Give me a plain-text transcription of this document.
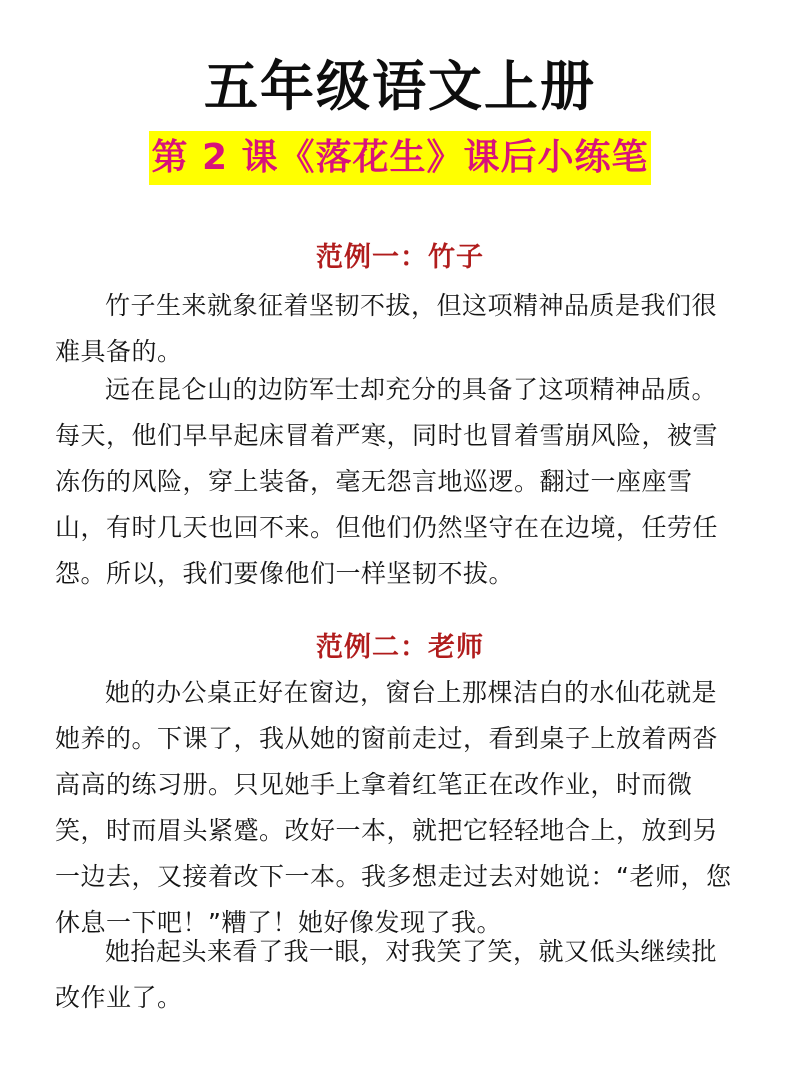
五年级语文上册
第 2 课《落花生》课后小练笔
范例一：竹子
竹子生来就象征着坚韧不拔，但这项精神品质是我们很难具备的。
远在昆仑山的边防军士却充分的具备了这项精神品质。每天，他们早早起床冒着严寒，同时也冒着雪崩风险，被雪冻伤的风险，穿上装备，毫无怨言地巡逻。翻过一座座雪山，有时几天也回不来。但他们仍然坚守在在边境，任劳任怨。所以，我们要像他们一样坚韧不拔。
范例二：老师
她的办公桌正好在窗边，窗台上那棵洁白的水仙花就是她养的。下课了，我从她的窗前走过，看到桌子上放着两沓高高的练习册。只见她手上拿着红笔正在改作业，时而微笑，时而眉头紧蹙。改好一本，就把它轻轻地合上，放到另一边去，又接着改下一本。我多想走过去对她说：“老师，您休息一下吧！”糟了！她好像发现了我。
她抬起头来看了我一眼，对我笑了笑，就又低头继续批改作业了。
